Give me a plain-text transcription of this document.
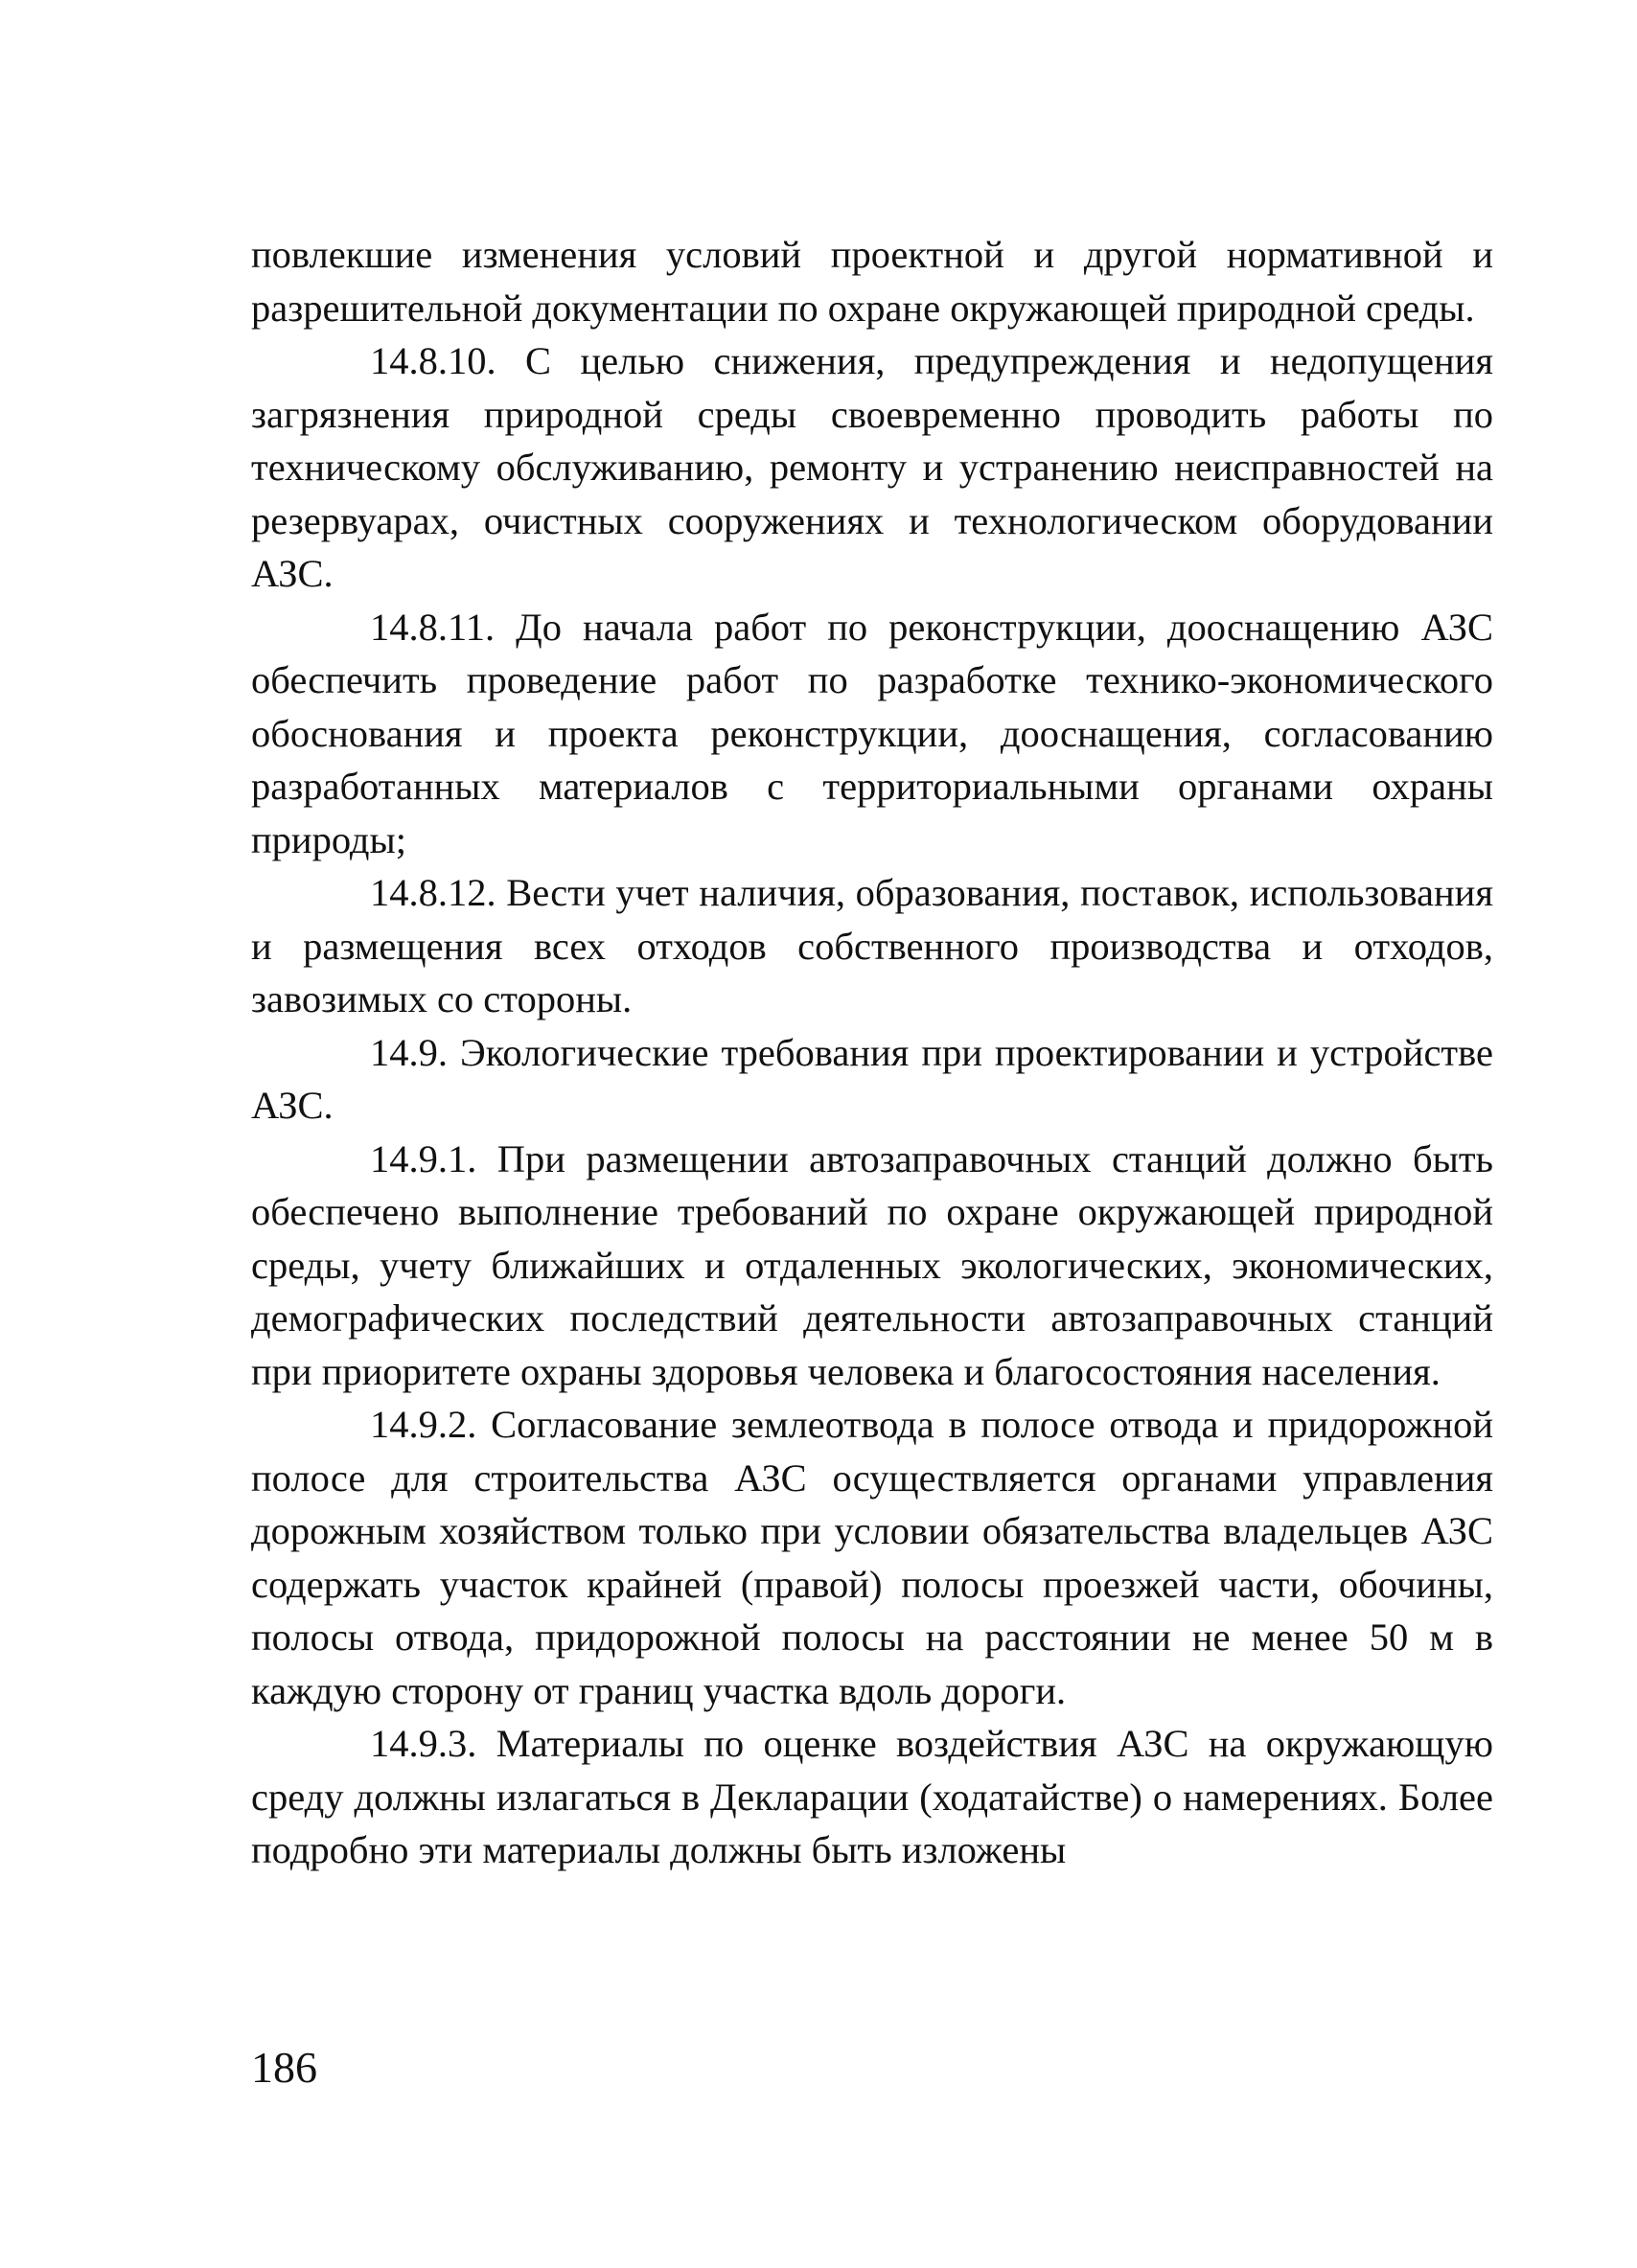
повлекшие изменения условий проектной и другой нормативной и разрешительной документации по охране окружающей природной среды.

14.8.10. С целью снижения, предупреждения и недопущения загрязнения природной среды своевременно проводить работы по техническому обслуживанию, ремонту и устранению неисправностей на резервуарах, очистных сооружениях и технологическом оборудовании АЗС.

14.8.11. До начала работ по реконструкции, дооснащению АЗС обеспечить проведение работ по разработке технико-экономического обоснования и проекта реконструкции, дооснащения, согласованию разработанных материалов с территориальными органами охраны природы;

14.8.12. Вести учет наличия, образования, поставок, использования и размещения всех отходов собственного производства и отходов, завозимых со стороны.

14.9. Экологические требования при проектировании и устройстве АЗС.

14.9.1. При размещении автозаправочных станций должно быть обеспечено выполнение требований по охране окружающей природной среды, учету ближайших и отдаленных экологических, экономических, демографических последствий деятельности автозаправочных станций при приоритете охраны здоровья человека и благосостояния населения.

14.9.2. Согласование землеотвода в полосе отвода и придорожной полосе для строительства АЗС осуществляется органами управления дорожным хозяйством только при условии обязательства владельцев АЗС содержать участок крайней (правой) полосы проезжей части, обочины, полосы отвода, придорожной полосы на расстоянии не менее 50 м в каждую сторону от границ участка вдоль дороги.

14.9.3. Материалы по оценке воздействия АЗС на окружающую среду должны излагаться в Декларации (ходатайстве) о намерениях. Более подробно эти материалы должны быть изложены

186
